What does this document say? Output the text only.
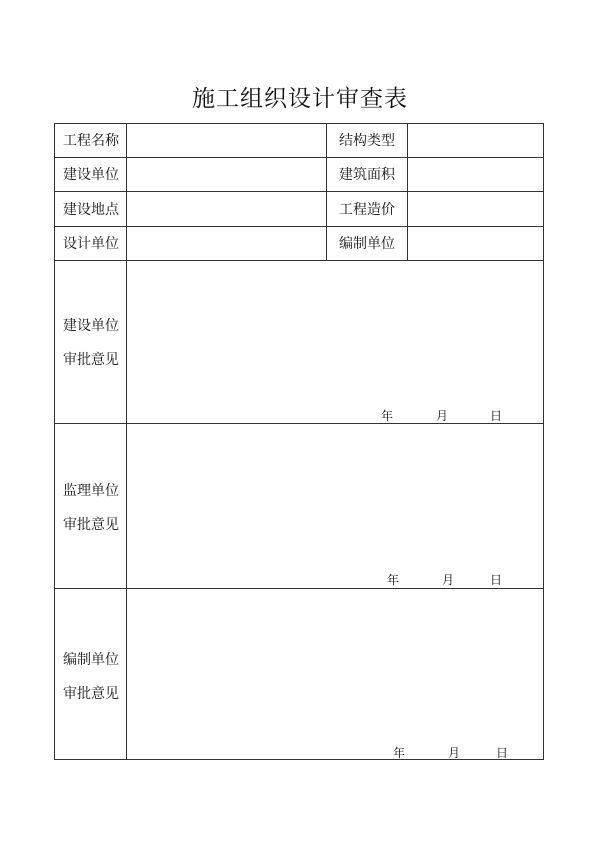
施工组织设计审查表
工程名称	结构类型
建设单位	建筑面积
建设地点	工程造价
设计单位	编制单位
建设单位
审批意见
年	月	日
监理单位
审批意见
年	月	日
编制单位
审批意见
年	月	日
